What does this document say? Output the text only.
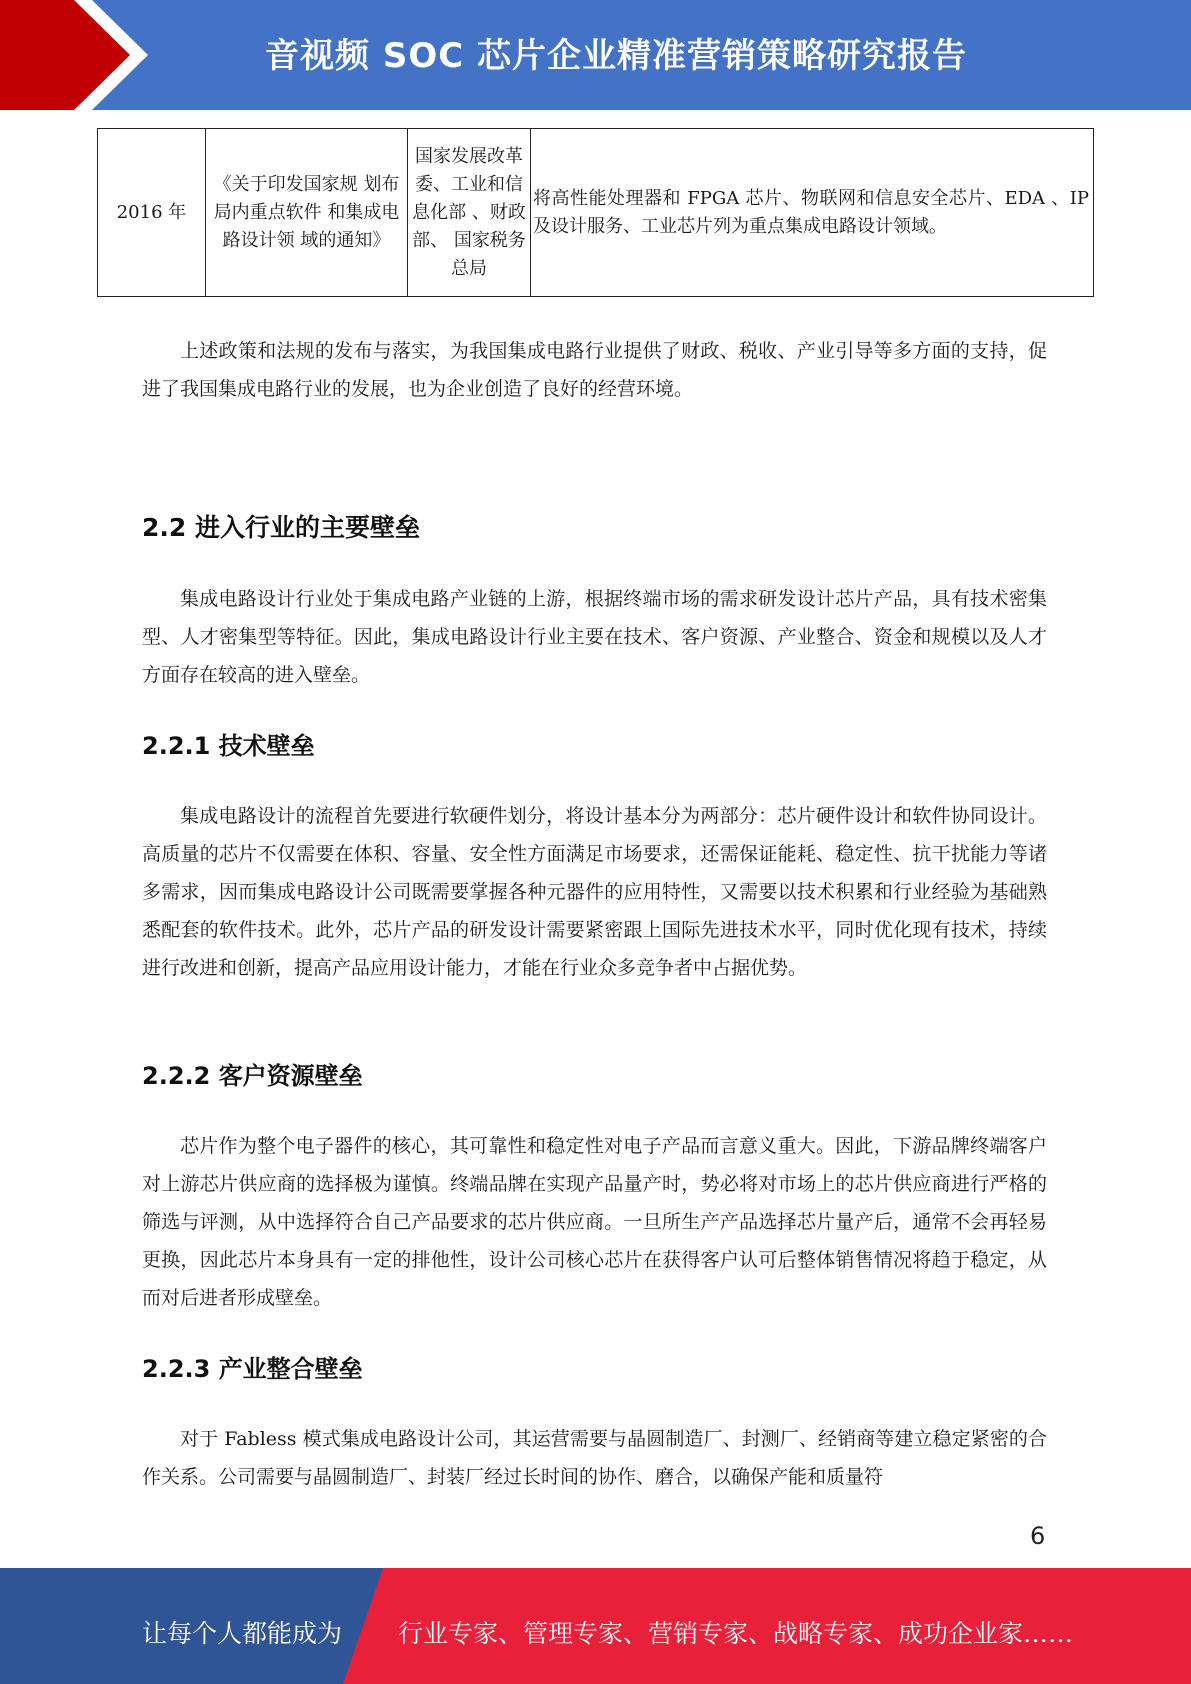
音视频 SOC 芯片企业精准营销策略研究报告
2016 年	《关于印发国家规 划布局内重点软件 和集成电路设计领 域的通知》	国家发展改革委、工业和信息化部 、财政部、 国家税务 总局	将高性能处理器和 FPGA 芯片、物联网和信息安全芯片、EDA 、IP 及设计服务、工业芯片列为重点集成电路设计领域。

上述政策和法规的发布与落实，为我国集成电路行业提供了财政、税收、产业引导等多方面的支持，促进了我国集成电路行业的发展，也为企业创造了良好的经营环境。

2.2 进入行业的主要壁垒

集成电路设计行业处于集成电路产业链的上游，根据终端市场的需求研发设计芯片产品，具有技术密集型、人才密集型等特征。因此，集成电路设计行业主要在技术、客户资源、产业整合、资金和规模以及人才方面存在较高的进入壁垒。

2.2.1 技术壁垒

集成电路设计的流程首先要进行软硬件划分，将设计基本分为两部分：芯片硬件设计和软件协同设计。高质量的芯片不仅需要在体积、容量、安全性方面满足市场要求，还需保证能耗、稳定性、抗干扰能力等诸多需求，因而集成电路设计公司既需要掌握各种元器件的应用特性，又需要以技术积累和行业经验为基础熟悉配套的软件技术。此外，芯片产品的研发设计需要紧密跟上国际先进技术水平，同时优化现有技术，持续进行改进和创新，提高产品应用设计能力，才能在行业众多竞争者中占据优势。

2.2.2 客户资源壁垒

芯片作为整个电子器件的核心，其可靠性和稳定性对电子产品而言意义重大。因此，下游品牌终端客户对上游芯片供应商的选择极为谨慎。终端品牌在实现产品量产时，势必将对市场上的芯片供应商进行严格的筛选与评测，从中选择符合自己产品要求的芯片供应商。一旦所生产产品选择芯片量产后，通常不会再轻易更换，因此芯片本身具有一定的排他性，设计公司核心芯片在获得客户认可后整体销售情况将趋于稳定，从而对后进者形成壁垒。

2.2.3 产业整合壁垒

对于 Fabless 模式集成电路设计公司，其运营需要与晶圆制造厂、封测厂、经销商等建立稳定紧密的合作关系。公司需要与晶圆制造厂、封装厂经过长时间的协作、磨合，以确保产能和质量符

6
让每个人都能成为 行业专家、管理专家、营销专家、战略专家、成功企业家……
